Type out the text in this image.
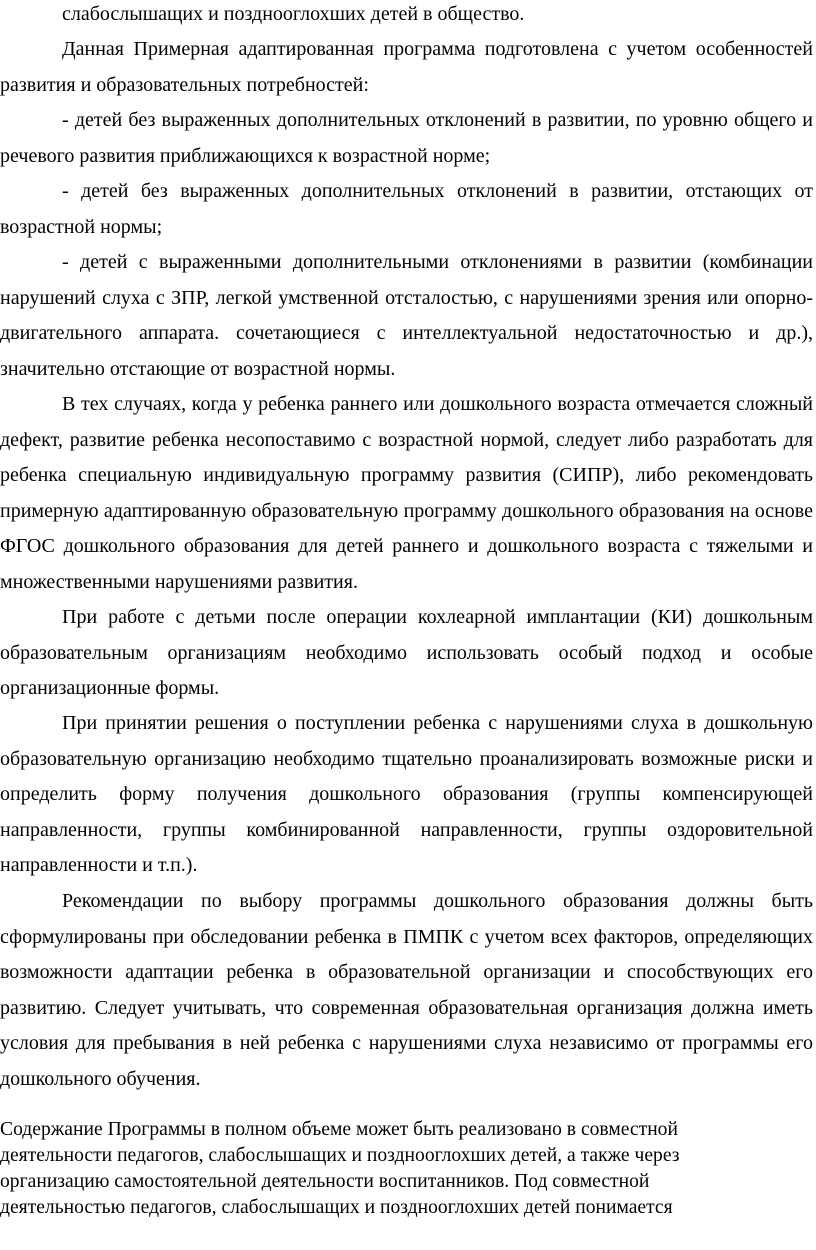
слабослышащих и позднооглохших детей в общество.

Данная Примерная адаптированная программа подготовлена с учетом особенностей развития и образовательных потребностей:

- детей без выраженных дополнительных отклонений в развитии, по уровню общего и речевого развития приближающихся к возрастной норме;

- детей без выраженных дополнительных отклонений в развитии, отстающих от возрастной нормы;

- детей с выраженными дополнительными отклонениями в развитии (комбинации нарушений слуха с ЗПР, легкой умственной отсталостью, с нарушениями зрения или опорно-двигательного аппарата. сочетающиеся с интеллектуальной недостаточностью и др.), значительно отстающие от возрастной нормы.

В тех случаях, когда у ребенка раннего или дошкольного возраста отмечается сложный дефект, развитие ребенка несопоставимо с возрастной нормой, следует либо разработать для ребенка специальную индивидуальную программу развития (СИПР), либо рекомендовать примерную адаптированную образовательную программу дошкольного образования на основе ФГОС дошкольного образования для детей раннего и дошкольного возраста с тяжелыми и множественными нарушениями развития.

При работе с детьми после операции кохлеарной имплантации (КИ) дошкольным образовательным организациям необходимо использовать особый подход и особые организационные формы.

При принятии решения о поступлении ребенка с нарушениями слуха в дошкольную образовательную организацию необходимо тщательно проанализировать возможные риски и определить форму получения дошкольного образования (группы компенсирующей направленности, группы комбинированной направленности, группы оздоровительной направленности и т.п.).

Рекомендации по выбору программы дошкольного образования должны быть сформулированы при обследовании ребенка в ПМПК с учетом всех факторов, определяющих возможности адаптации ребенка в образовательной организации и способствующих его развитию. Следует учитывать, что современная образовательная организация должна иметь условия для пребывания в ней ребенка с нарушениями слуха независимо от программы его дошкольного обучения.

Содержание Программы в полном объеме может быть реализовано в совместной
деятельности педагогов, слабослышащих и позднооглохших детей, а также через
организацию самостоятельной деятельности воспитанников. Под совместной
деятельностью педагогов, слабослышащих и позднооглохших детей понимается
